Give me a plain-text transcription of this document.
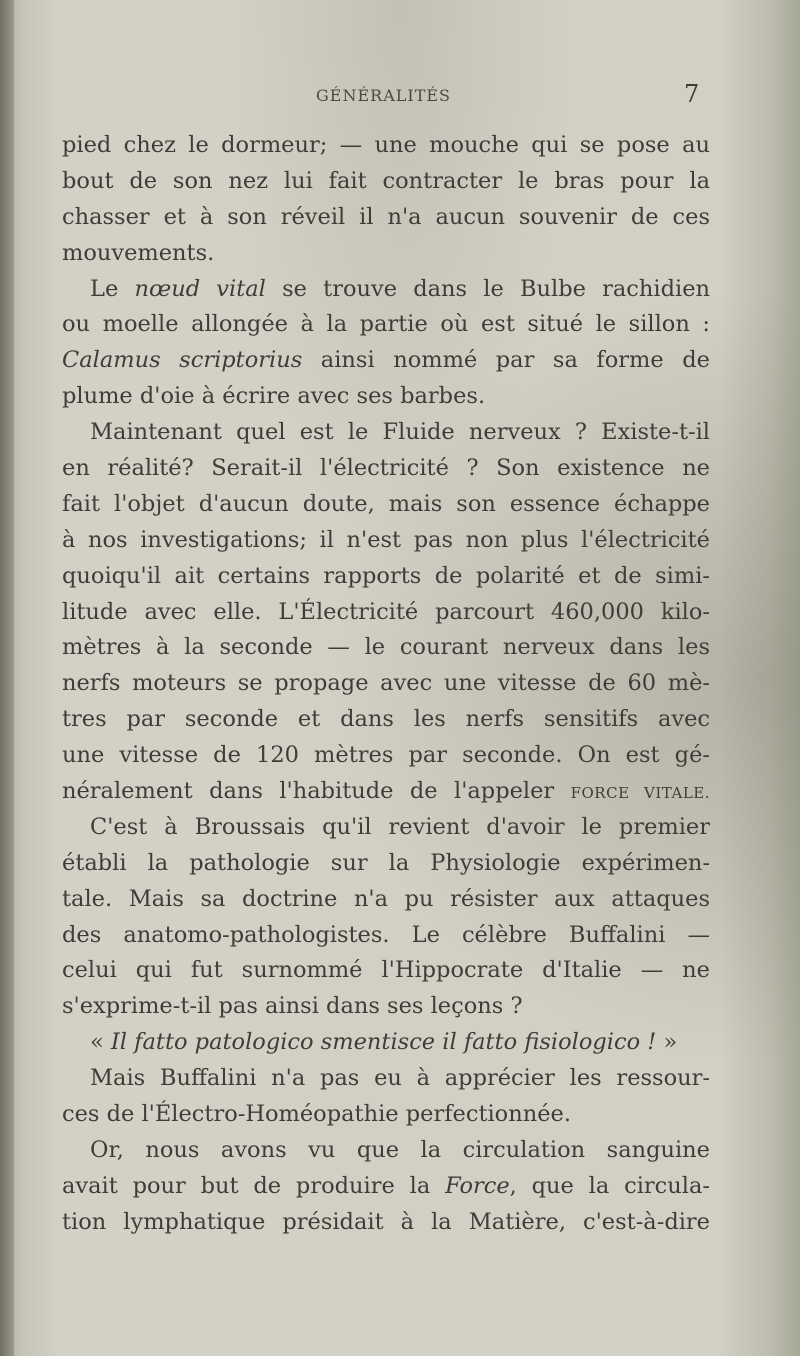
GÉNÉRALITÉS	7
pied chez le dormeur; — une mouche qui se pose au
bout de son nez lui fait contracter le bras pour la
chasser et à son réveil il n'a aucun souvenir de ces
mouvements.
Le nœud vital se trouve dans le Bulbe rachidien
ou moelle allongée à la partie où est situé le sillon :
Calamus scriptorius ainsi nommé par sa forme de
plume d'oie à écrire avec ses barbes.
Maintenant quel est le Fluide nerveux ? Existe-t-il
en réalité? Serait-il l'électricité ? Son existence ne
fait l'objet d'aucun doute, mais son essence échappe
à nos investigations; il n'est pas non plus l'électricité
quoiqu'il ait certains rapports de polarité et de simi-
litude avec elle. L'Électricité parcourt 460,000 kilo-
mètres à la seconde — le courant nerveux dans les
nerfs moteurs se propage avec une vitesse de 60 mè-
tres par seconde et dans les nerfs sensitifs avec
une vitesse de 120 mètres par seconde. On est gé-
néralement dans l'habitude de l'appeler FORCE VITALE.
C'est à Broussais qu'il revient d'avoir le premier
établi la pathologie sur la Physiologie expérimen-
tale. Mais sa doctrine n'a pu résister aux attaques
des anatomo-pathologistes. Le célèbre Buffalini —
celui qui fut surnommé l'Hippocrate d'Italie — ne
s'exprime-t-il pas ainsi dans ses leçons ?
« Il fatto patologico smentisce il fatto fisiologico ! »
Mais Buffalini n'a pas eu à apprécier les ressour-
ces de l'Électro-Homéopathie perfectionnée.
Or, nous avons vu que la circulation sanguine
avait pour but de produire la Force, que la circula-
tion lymphatique présidait à la Matière, c'est-à-dire
